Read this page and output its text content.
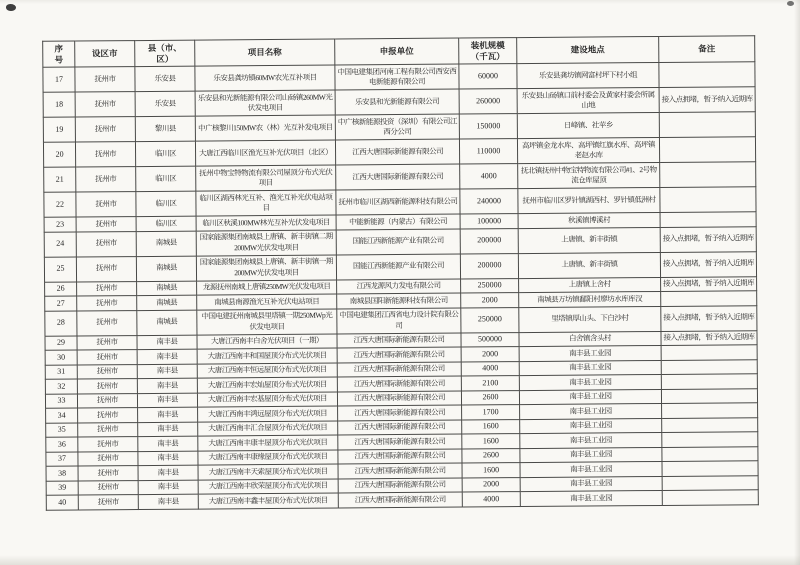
序
号	设区市	县（市、
区）	项目名称	申报单位	装机规模
（千瓦）	建设地点	备注
17	抚州市	乐安县	乐安县龚坊镇60MW农光互补项目	中国电建集团河南工程有限公司西安西电新能源有限公司	60000	乐安县龚坊镇网富村坪下村小组	
18	抚州市	乐安县	乐安县和光新能源有限公司山砀镇260MW光伏发电项目	乐安县和光新能源有限公司	260000	乐安县山砀镇口前村委会及黄家村委会所属山地	接入点拥堵，暂予纳入近期库
19	抚州市	黎川县	中广核黎川150MW农（林）光互补发电项目	中广核新能源投资（深圳）有限公司江西分公司	150000	日峰镇、社苹乡	
20	抚州市	临川区	大唐江西临川区渔光互补光伏项目（北区）	江西大唐国际新能源有限公司	110000	高坪镇金龙水库、高坪镇红旗水库、高坪镇老赵水库	
21	抚州市	临川区	抚州中物宝特物流有限公司屋顶分布式光伏项目	江西大唐国际新能源有限公司	4000	抚北镇抚州中物宝特物流有限公司#1、2号物流仓库屋顶	
22	抚州市	临川区	临川区湖西林光互补、渔光互补光伏电站项目	抚州市临川区湖西新能源科技有限公司	240000	抚州市临川区罗针镇湖西村、罗针镇低洲村	
23	抚州市	临川区	临川区秋溪100MW林光互补光伏发电项目	中能新能源（内蒙古）有限公司	100000	秋溪镇博溪村	
24	抚州市	南城县	国家能源集团南城县上唐镇、新丰街镇二期200MW光伏发电项目	国能江西新能源产业有限公司	200000	上唐镇、新丰街镇	接入点拥堵，暂予纳入近期库
25	抚州市	南城县	国家能源集团南城县上唐镇、新丰街镇一期200MW光伏发电项目	国能江西新能源产业有限公司	200000	上唐镇、新丰街镇	接入点拥堵，暂予纳入近期库
26	抚州市	南城县	龙源抚州南城上唐镇250MW光伏发电项目	江西龙源风力发电有限公司	250000	上唐镇上舍村	接入点拥堵，暂予纳入近期库
27	抚州市	南城县	南城县南源渔光互补光伏电站项目	南城县国阳新能源科技有限公司	2000	南城县万坊镇鄱阳村廖坊水库库汊	
28	抚州市	南城县	中国电建抚州南城县里塔镇一期250MWp光伏发电项目	中国电建集团江西省电力设计院有限公司	250000	里塔镇厚山头、下白沙村	接入点拥堵，暂予纳入近期库
29	抚州市	南丰县	大唐江西南丰白舍光伏项目（一期）	江西大唐国际新能源有限公司	500000	白舍镇含头村	接入点拥堵，暂予纳入近期库
30	抚州市	南丰县	大唐江西南丰和国屋顶分布式光伏项目	江西大唐国际新能源有限公司	2000	南丰县工业园	
31	抚州市	南丰县	大唐江西南丰恒远屋顶分布式光伏项目	江西大唐国际新能源有限公司	4000	南丰县工业园	
32	抚州市	南丰县	大唐江西南丰宏灿屋顶分布式光伏项目	江西大唐国际新能源有限公司	2100	南丰县工业园	
33	抚州市	南丰县	大唐江西南丰宏基屋顶分布式光伏项目	江西大唐国际新能源有限公司	2600	南丰县工业园	
34	抚州市	南丰县	大唐江西南丰鸿远屋顶分布式光伏项目	江西大唐国际新能源有限公司	1700	南丰县工业园	
35	抚州市	南丰县	大唐江西南丰汇合屋顶分布式光伏项目	江西大唐国际新能源有限公司	1600	南丰县工业园	
36	抚州市	南丰县	大唐江西南丰康丰屋顶分布式光伏项目	江西大唐国际新能源有限公司	1600	南丰县工业园	
37	抚州市	南丰县	大唐江西南丰康缘屋顶分布式光伏项目	江西大唐国际新能源有限公司	2600	南丰县工业园	
38	抚州市	南丰县	大唐江西南丰天索屋顶分布式光伏项目	江西大唐国际新能源有限公司	1600	南丰县工业园	
39	抚州市	南丰县	大唐江西南丰欣荣屋顶分布式光伏项目	江西大唐国际新能源有限公司	2000	南丰县工业园	
40	抚州市	南丰县	大唐江西南丰鑫丰屋顶分布式光伏项目	江西大唐国际新能源有限公司	4000	南丰县工业园	
